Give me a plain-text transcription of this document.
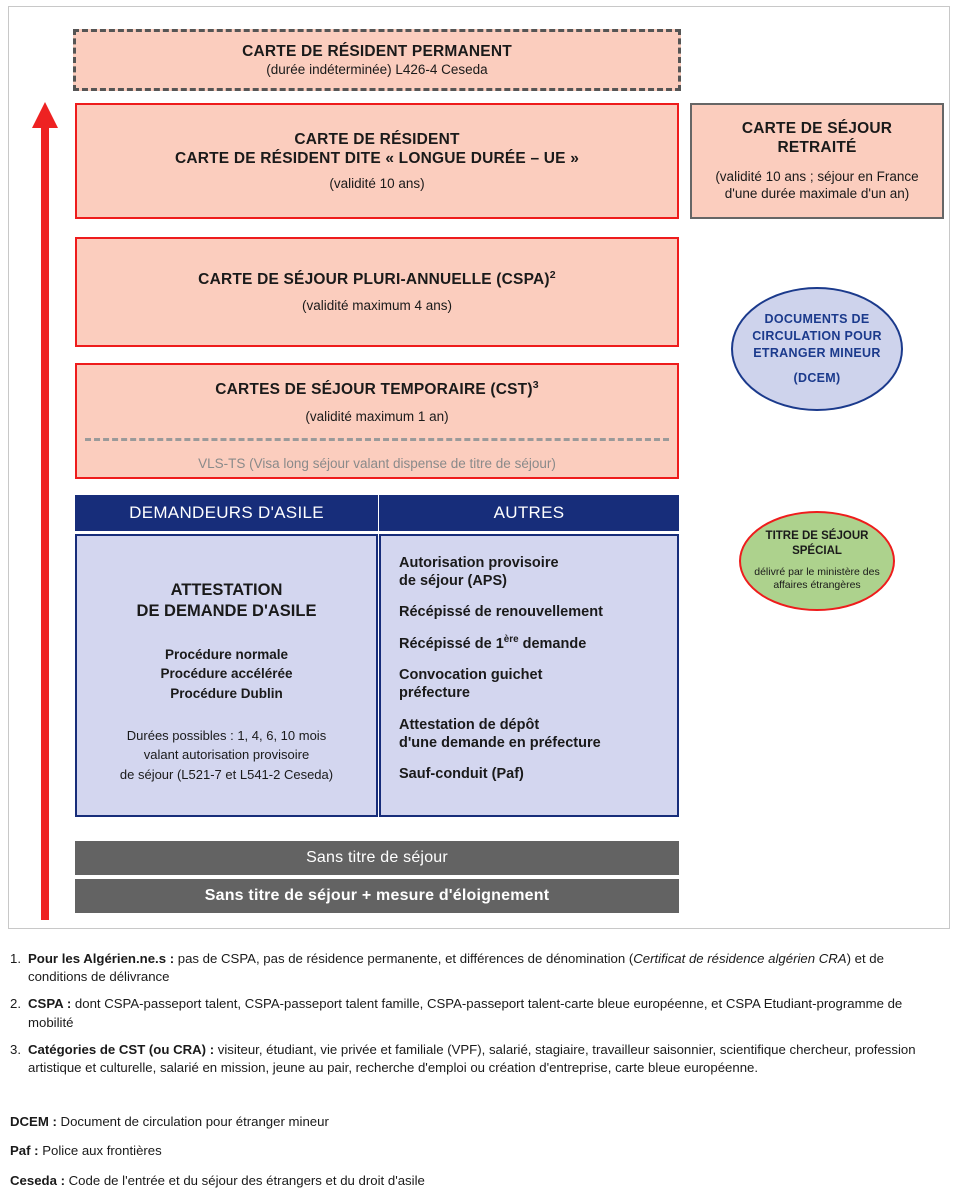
CARTE DE RÉSIDENT PERMANENT
(durée indéterminée) L426-4 Ceseda
CARTE DE RÉSIDENT
CARTE DE RÉSIDENT DITE « LONGUE DURÉE – UE »
(validité 10 ans)
CARTE DE SÉJOUR
RETRAITÉ
(validité 10 ans ; séjour en France d'une durée maximale d'un an)
CARTE DE SÉJOUR PLURI-ANNUELLE (CSPA)$^2$
(validité maximum 4 ans)
CARTES DE SÉJOUR TEMPORAIRE (CST)$^3$
(validité maximum 1 an)
VLS-TS (Visa long séjour valant dispense de titre de séjour)
DOCUMENTS DE
CIRCULATION POUR
ETRANGER MINEUR
(DCEM)
TITRE DE SÉJOUR
SPÉCIAL
délivré par le ministère des affaires étrangères
DEMANDEURS D'ASILE	AUTRES
ATTESTATION
DE DEMANDE D'ASILE
Procédure normale
Procédure accélérée
Procédure Dublin
Durées possibles : 1, 4, 6, 10 mois
valant autorisation provisoire
de séjour (L521-7 et L541-2 Ceseda)
Autorisation provisoire
de séjour (APS)
Récépissé de renouvellement
Récépissé de 1ère demande
Convocation guichet
préfecture
Attestation de dépôt
d'une demande en préfecture
Sauf-conduit (Paf)
Sans titre de séjour
Sans titre de séjour + mesure d'éloignement
1. Pour les Algérien.ne.s : pas de CSPA, pas de résidence permanente, et différences de dénomination (Certificat de résidence algérien CRA) et de conditions de délivrance
2. CSPA : dont CSPA-passeport talent, CSPA-passeport talent famille, CSPA-passeport talent-carte bleue européenne, et CSPA Etudiant-programme de mobilité
3. Catégories de CST (ou CRA) : visiteur, étudiant, vie privée et familiale (VPF), salarié, stagiaire, travailleur saisonnier, scientifique chercheur, profession artistique et culturelle, salarié en mission, jeune au pair, recherche d'emploi ou création d'entreprise, carte bleue européenne.
DCEM : Document de circulation pour étranger mineur
Paf : Police aux frontières
Ceseda : Code de l'entrée et du séjour des étrangers et du droit d'asile
